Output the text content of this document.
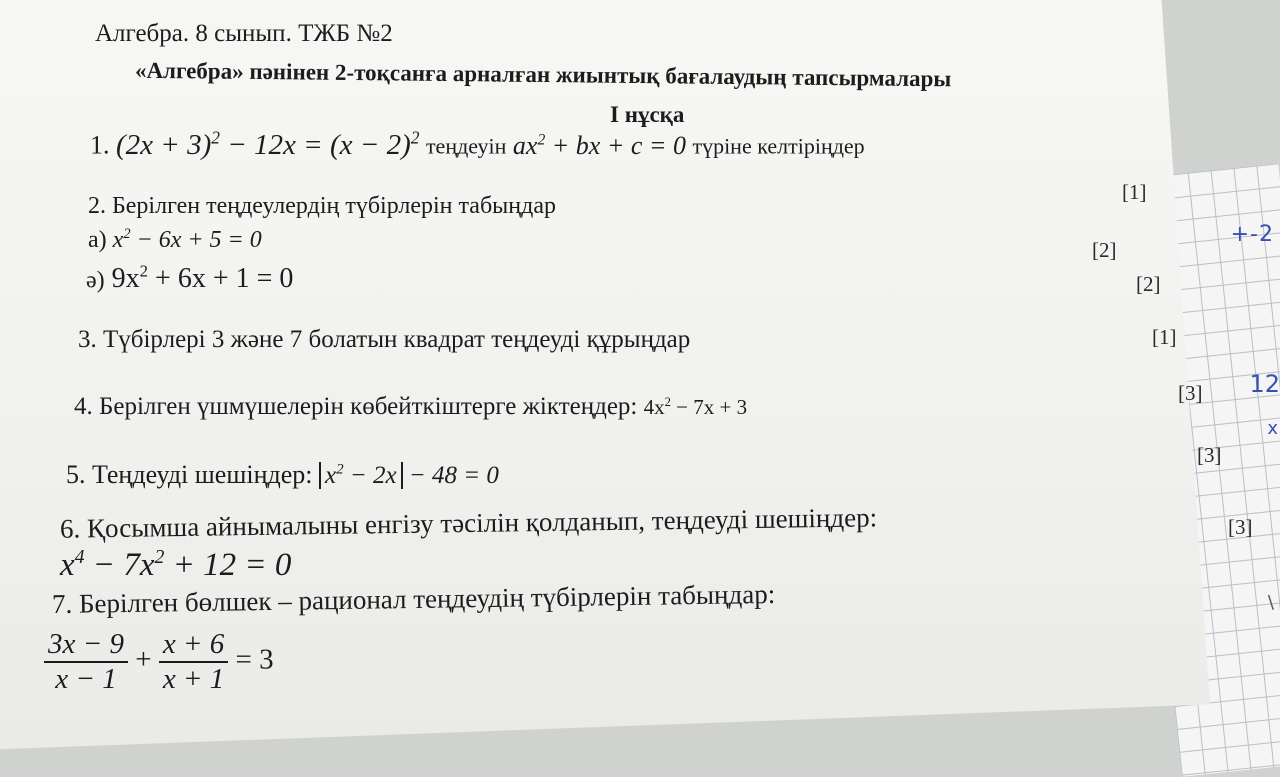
+-2
12
x
\
Алгебра. 8 сынып. ТЖБ №2
«Алгебра» пәнінен 2-тоқсанға арналған жиынтық бағалаудың тапсырмалары
I нұсқа
1. $(2x + 3)^2 - 12x = (x - 2)^2$ теңдеуін $ax^2$ + bx + c = 0 түріне келтіріңдер
[1]
2. Берілген теңдеулердің түбірлерін табыңдар
а) $x^2 - 6x + 5 = 0$	[2]
ә) $9x^2 + 6x + 1 = 0$	[2]
3. Түбірлері 3 және 7 болатын квадрат теңдеуді құрыңдар	[1]
4. Берілген үшмүшелерін көбейткіштерге жіктеңдер: $4x^2 - 7x + 3$
[3]
5. Теңдеуді шешіңдер: $x^2 - 2x - 48 = 0$
[3]
6. Қосымша айнымалыны енгізу тәсілін қолданып, теңдеуді шешіңдер:	[3]
$x^4 - 7x^2 + 12 = 0$
7. Берілген бөлшек – рационал теңдеудің түбірлерін табыңдар:
$\frac{3x - 9}{x - 1} + \frac{x + 6}{x + 1} = 3$
